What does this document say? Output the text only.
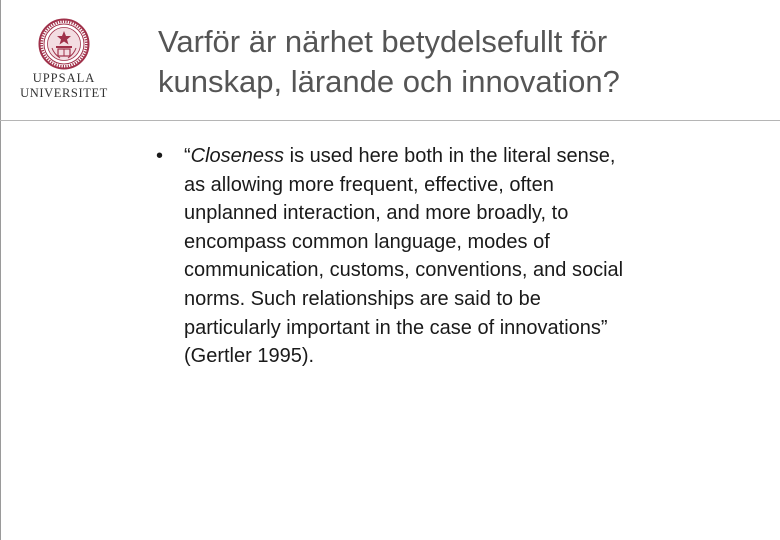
UPPSALA
UNIVERSITET
Varför är närhet betydelsefullt för
kunskap, lärande och innovation?
•	“Closeness is used here both in the literal sense,
as allowing more frequent, effective, often
unplanned interaction, and more broadly, to
encompass common language, modes of
communication, customs, conventions, and social
norms. Such relationships are said to be
particularly important in the case of innovations”
(Gertler 1995).
